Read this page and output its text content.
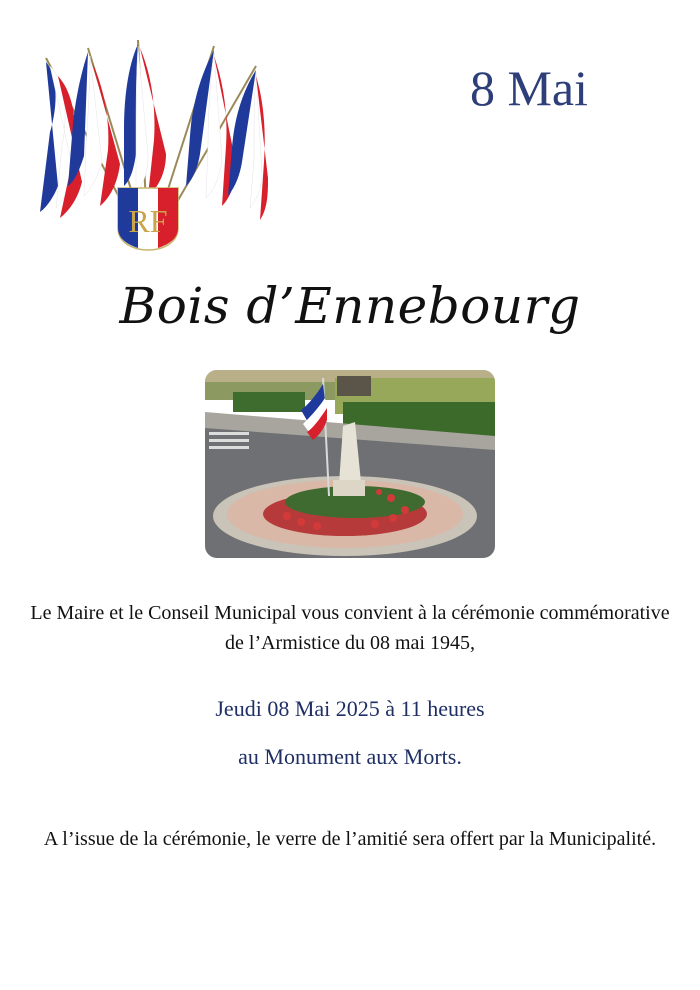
RF
8 Mai
Bois d’Ennebourg
Le Maire et le Conseil Municipal vous convient à la cérémonie commémorative de l’Armistice du 08 mai 1945,
Jeudi 08 Mai 2025 à 11 heures
au Monument aux Morts.
A l’issue de la cérémonie, le verre de l’amitié sera offert par la Municipalité.
